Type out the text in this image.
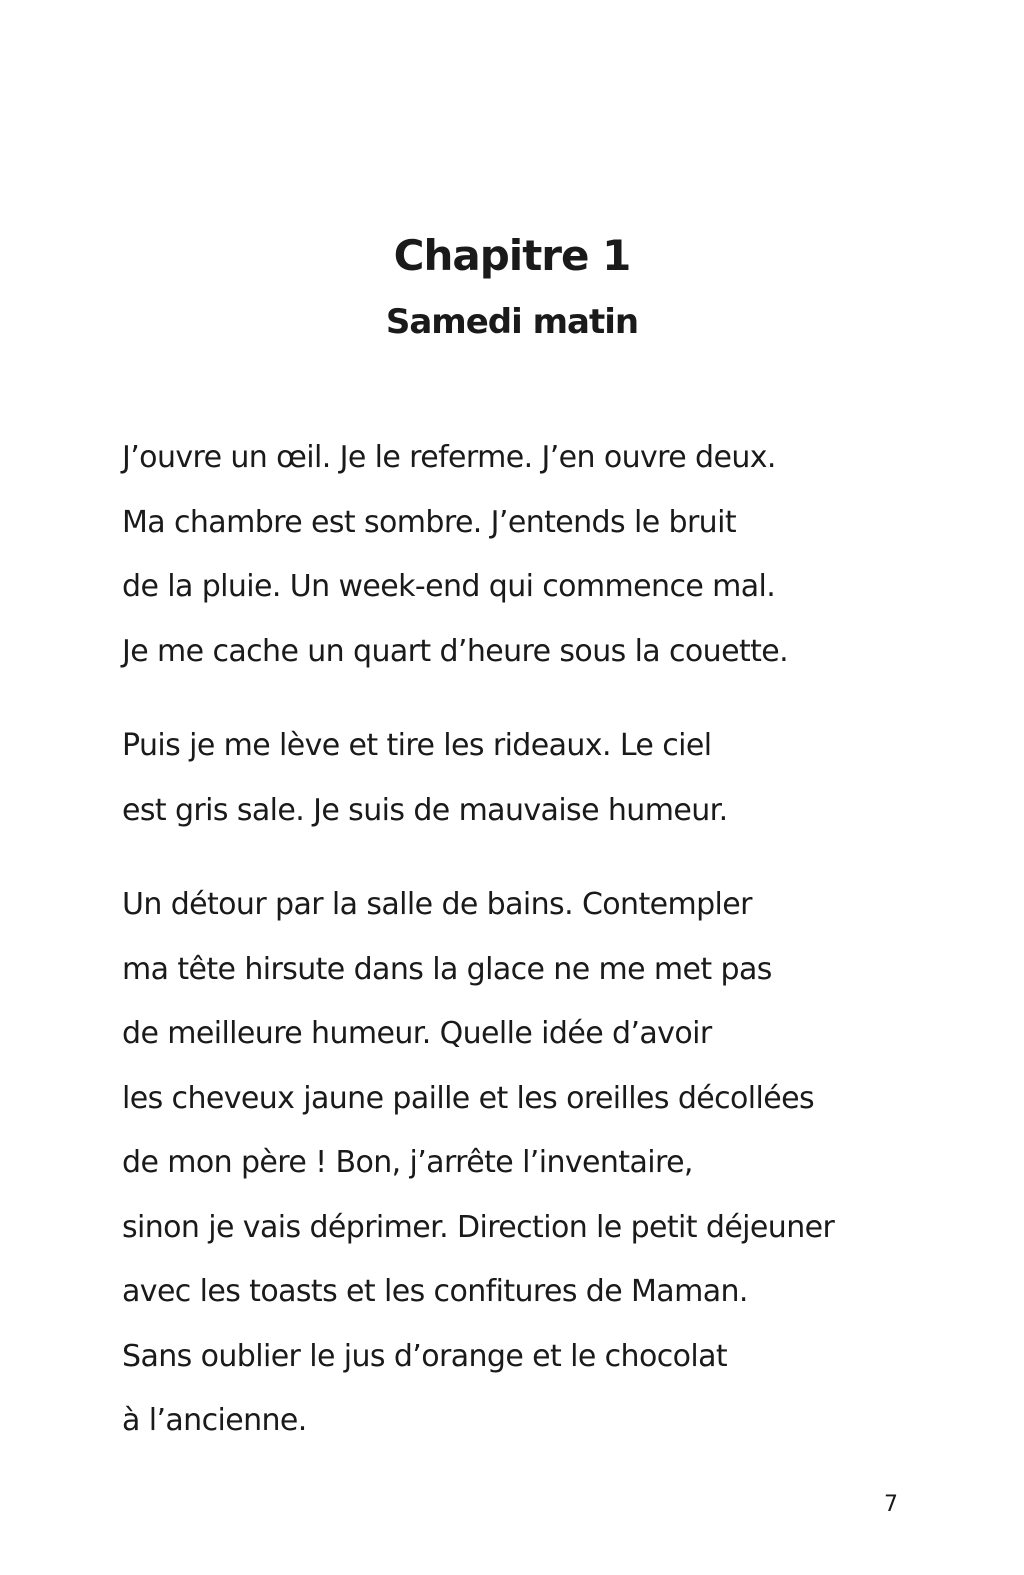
Chapitre 1
Samedi matin

J’ouvre un œil. Je le referme. J’en ouvre deux.
Ma chambre est sombre. J’entends le bruit
de la pluie. Un week-end qui commence mal.
Je me cache un quart d’heure sous la couette.

Puis je me lève et tire les rideaux. Le ciel
est gris sale. Je suis de mauvaise humeur.

Un détour par la salle de bains. Contempler
ma tête hirsute dans la glace ne me met pas
de meilleure humeur. Quelle idée d’avoir
les cheveux jaune paille et les oreilles décollées
de mon père ! Bon, j’arrête l’inventaire,
sinon je vais déprimer. Direction le petit déjeuner
avec les toasts et les confitures de Maman.
Sans oublier le jus d’orange et le chocolat
à l’ancienne.

7
